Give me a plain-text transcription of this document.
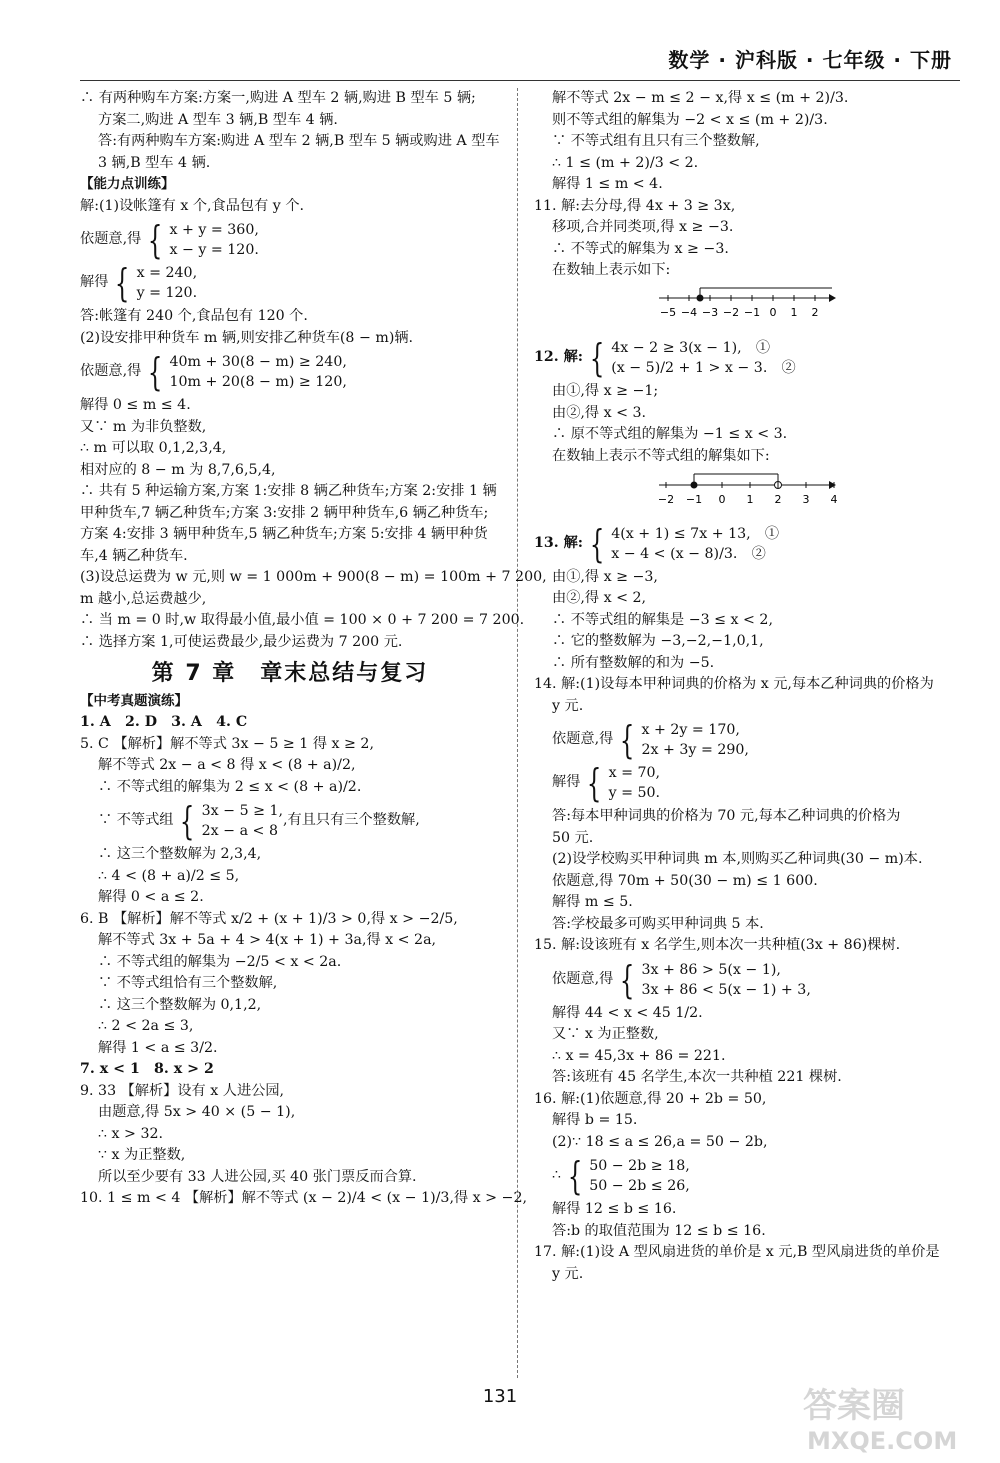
数学 · 沪科版 · 七年级 · 下册
∴ 有两种购车方案:方案一,购进 A 型车 2 辆,购进 B 型车 5 辆;
方案二,购进 A 型车 3 辆,B 型车 4 辆.
答:有两种购车方案:购进 A 型车 2 辆,B 型车 5 辆或购进 A 型车
3 辆,B 型车 4 辆.
【能力点训练】
解:(1)设帐篷有 x 个,食品包有 y 个.
依题意,得 { x + y = 360,
x − y = 120.
解得 { x = 240,
y = 120.
答:帐篷有 240 个,食品包有 120 个.
(2)设安排甲种货车 m 辆,则安排乙种货车(8 − m)辆.
依题意,得 { 40m + 30(8 − m) ≥ 240,
10m + 20(8 − m) ≥ 120,
解得 0 ≤ m ≤ 4.
又∵ m 为非负整数,
∴ m 可以取 0,1,2,3,4,
相对应的 8 − m 为 8,7,6,5,4,
∴ 共有 5 种运输方案,方案 1:安排 8 辆乙种货车;方案 2:安排 1 辆
甲种货车,7 辆乙种货车;方案 3:安排 2 辆甲种货车,6 辆乙种货车;
方案 4:安排 3 辆甲种货车,5 辆乙种货车;方案 5:安排 4 辆甲种货
车,4 辆乙种货车.
(3)设总运费为 w 元,则 w = 1 000m + 900(8 − m) = 100m + 7 200,
m 越小,总运费越少,
∴ 当 m = 0 时,w 取得最小值,最小值 = 100 × 0 + 7 200 = 7 200.
∴ 选择方案 1,可使运费最少,最少运费为 7 200 元.
第 7 章　章末总结与复习
【中考真题演练】
1. A　2. D　3. A　4. C
5. C 【解析】解不等式 3x − 5 ≥ 1 得 x ≥ 2,
解不等式 2x − a < 8 得 x < (8 + a)/2,
∴ 不等式组的解集为 2 ≤ x < (8 + a)/2.
∵ 不等式组 { 3x − 5 ≥ 1,
2x − a < 8
,有且只有三个整数解,
∴ 这三个整数解为 2,3,4,
∴ 4 < (8 + a)/2 ≤ 5,
解得 0 < a ≤ 2.
6. B 【解析】解不等式 x/2 + (x + 1)/3 > 0,得 x > −2/5,
解不等式 3x + 5a + 4 > 4(x + 1) + 3a,得 x < 2a,
∴ 不等式组的解集为 −2/5 < x < 2a.
∵ 不等式组恰有三个整数解,
∴ 这三个整数解为 0,1,2,
∴ 2 < 2a ≤ 3,
解得 1 < a ≤ 3/2.
7. x < 1　8. x > 2
9. 33 【解析】设有 x 人进公园,
由题意,得 5x > 40 × (5 − 1),
∴ x > 32.
∵ x 为正整数,
所以至少要有 33 人进公园,买 40 张门票反而合算.
10. 1 ≤ m < 4 【解析】解不等式 (x − 2)/4 < (x − 1)/3,得 x > −2,
解不等式 2x − m ≤ 2 − x,得 x ≤ (m + 2)/3.
则不等式组的解集为 −2 < x ≤ (m + 2)/3.
∵ 不等式组有且只有三个整数解,
∴ 1 ≤ (m + 2)/3 < 2.
解得 1 ≤ m < 4.
11. 解:去分母,得 4x + 3 ≥ 3x,
移项,合并同类项,得 x ≥ −3.
∴ 不等式的解集为 x ≥ −3.
在数轴上表示如下:
−5 −4 −3 −2 −1 0 1 2
12. 解: { 4x − 2 ≥ 3(x − 1),　①
(x − 5)/2 + 1 > x − 3.　②
由①,得 x ≥ −1;
由②,得 x < 3.
∴ 原不等式组的解集为 −1 ≤ x < 3.
在数轴上表示不等式组的解集如下:
−2 −1 0 1 2 3 4
13. 解: { 4(x + 1) ≤ 7x + 13,　①
x − 4 < (x − 8)/3.　②
由①,得 x ≥ −3,
由②,得 x < 2,
∴ 不等式组的解集是 −3 ≤ x < 2,
∴ 它的整数解为 −3,−2,−1,0,1,
∴ 所有整数解的和为 −5.
14. 解:(1)设每本甲种词典的价格为 x 元,每本乙种词典的价格为
y 元.
依题意,得 { x + 2y = 170,
2x + 3y = 290,
解得 { x = 70,
y = 50.
答:每本甲种词典的价格为 70 元,每本乙种词典的价格为
50 元.
(2)设学校购买甲种词典 m 本,则购买乙种词典(30 − m)本.
依题意,得 70m + 50(30 − m) ≤ 1 600.
解得 m ≤ 5.
答:学校最多可购买甲种词典 5 本.
15. 解:设该班有 x 名学生,则本次一共种植(3x + 86)棵树.
依题意,得 { 3x + 86 > 5(x − 1),
3x + 86 < 5(x − 1) + 3,
解得 44 < x < 45 1/2.
又∵ x 为正整数,
∴ x = 45,3x + 86 = 221.
答:该班有 45 名学生,本次一共种植 221 棵树.
16. 解:(1)依题意,得 20 + 2b = 50,
解得 b = 15.
(2)∵ 18 ≤ a ≤ 26,a = 50 − 2b,
∴ { 50 − 2b ≥ 18,
50 − 2b ≤ 26,
解得 12 ≤ b ≤ 16.
答:b 的取值范围为 12 ≤ b ≤ 16.
17. 解:(1)设 A 型风扇进货的单价是 x 元,B 型风扇进货的单价是
y 元.
131	答案圈
MXQE.COM
